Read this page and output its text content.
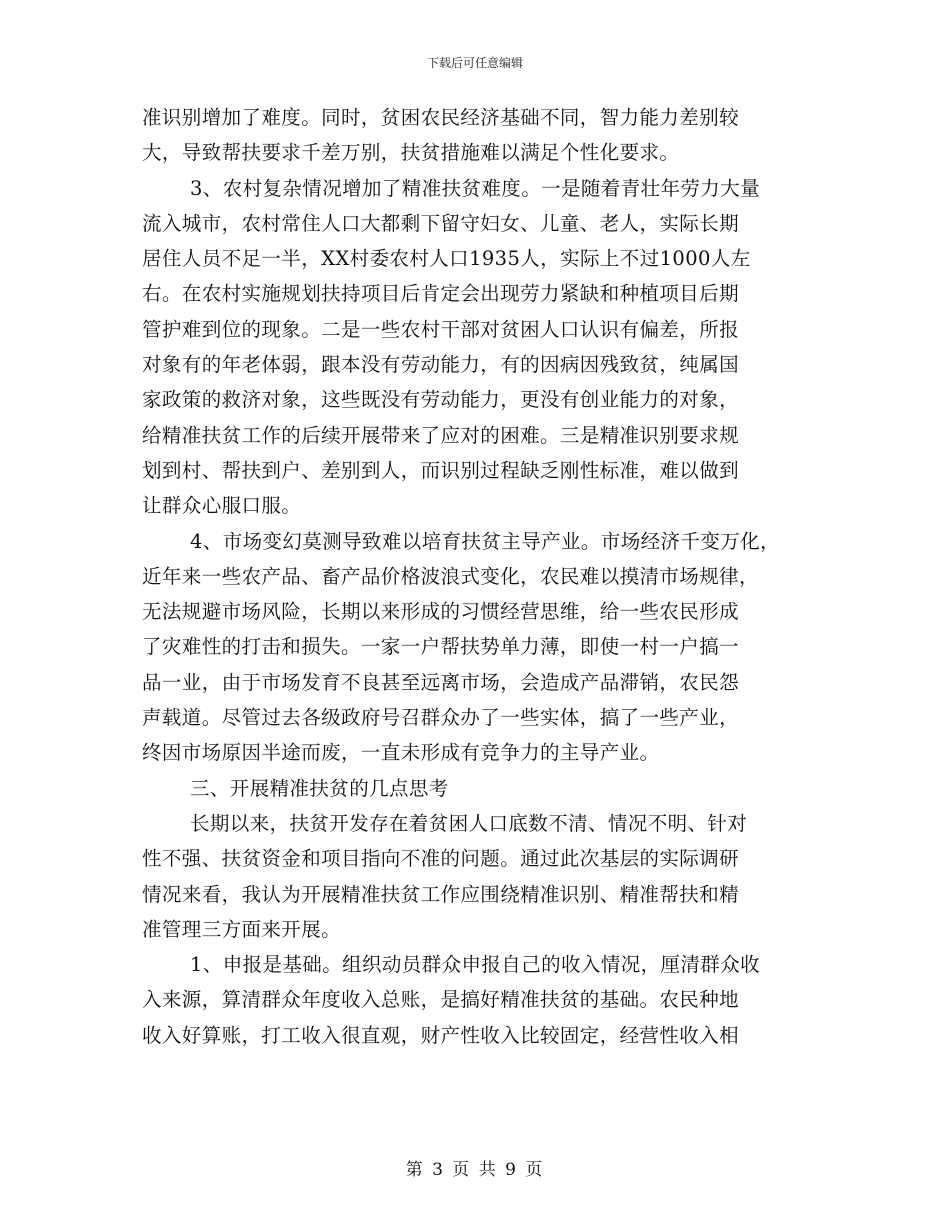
下载后可任意编辑
准识别增加了难度。同时，贫困农民经济基础不同，智力能力差别较
大，导致帮扶要求千差万别，扶贫措施难以满足个性化要求。
3、农村复杂情况增加了精准扶贫难度。一是随着青壮年劳力大量
流入城市，农村常住人口大都剩下留守妇女、儿童、老人，实际长期
居住人员不足一半，XX村委农村人口1935人，实际上不过1000人左
右。在农村实施规划扶持项目后肯定会出现劳力紧缺和种植项目后期
管护难到位的现象。二是一些农村干部对贫困人口认识有偏差，所报
对象有的年老体弱，跟本没有劳动能力，有的因病因残致贫，纯属国
家政策的救济对象，这些既没有劳动能力，更没有创业能力的对象，
给精准扶贫工作的后续开展带来了应对的困难。三是精准识别要求规
划到村、帮扶到户、差别到人，而识别过程缺乏刚性标准，难以做到
让群众心服口服。
4、市场变幻莫测导致难以培育扶贫主导产业。市场经济千变万化，
近年来一些农产品、畜产品价格波浪式变化，农民难以摸清市场规律，
无法规避市场风险，长期以来形成的习惯经营思维，给一些农民形成
了灾难性的打击和损失。一家一户帮扶势单力薄，即使一村一户搞一
品一业，由于市场发育不良甚至远离市场，会造成产品滞销，农民怨
声载道。尽管过去各级政府号召群众办了一些实体，搞了一些产业，
终因市场原因半途而废，一直未形成有竞争力的主导产业。
三、开展精准扶贫的几点思考
长期以来，扶贫开发存在着贫困人口底数不清、情况不明、针对
性不强、扶贫资金和项目指向不准的问题。通过此次基层的实际调研
情况来看，我认为开展精准扶贫工作应围绕精准识别、精准帮扶和精
准管理三方面来开展。
1、申报是基础。组织动员群众申报自己的收入情况，厘清群众收
入来源，算清群众年度收入总账，是搞好精准扶贫的基础。农民种地
收入好算账，打工收入很直观，财产性收入比较固定，经营性收入相
第 3 页 共 9 页
